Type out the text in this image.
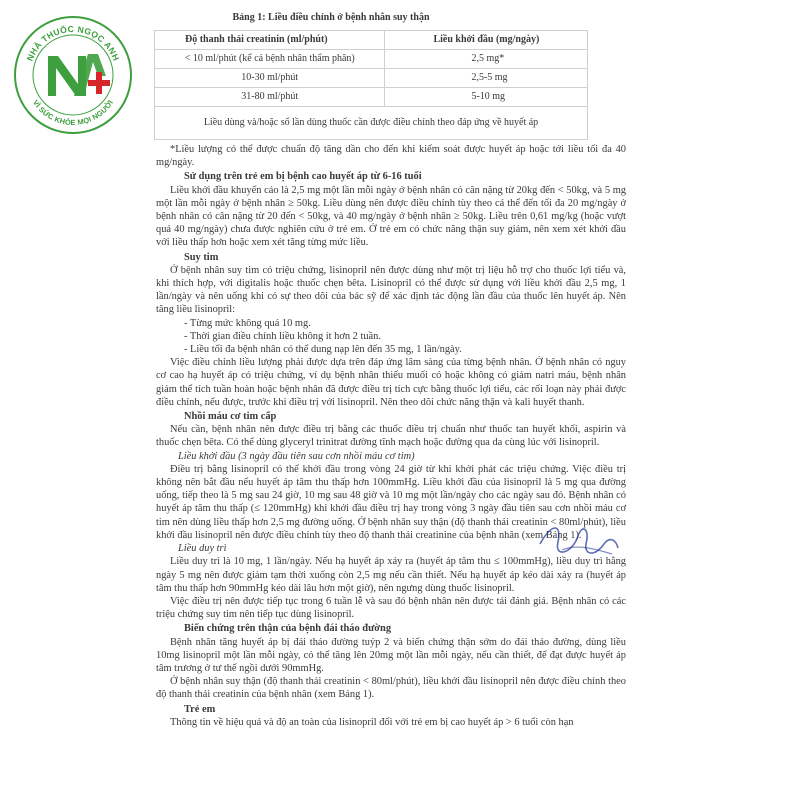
NHÀ THUỐC NGỌC ANH
VÌ SỨC KHỎE MỌI NGƯỜI
Bảng 1: Liều điều chỉnh ở bệnh nhân suy thận	
Độ thanh thải creatinin (ml/phút)	Liều khởi đầu (mg/ngày)
< 10 ml/phút (kể cả bệnh nhân thẩm phân)	2,5 mg*
10-30 ml/phút	2,5-5 mg
31-80 ml/phút	5-10 mg
Liều dùng và/hoặc số lần dùng thuốc cần được điều chỉnh theo đáp ứng về huyết áp	

*Liều lượng có thể được chuẩn độ tăng dần cho đến khi kiểm soát được huyết áp hoặc tới liều tối đa 40 mg/ngày.

Sử dụng trên trẻ em bị bệnh cao huyết áp từ 6-16 tuổi

Liều khởi đầu khuyến cáo là 2,5 mg một lần mỗi ngày ở bệnh nhân có cân nặng từ 20kg đến < 50kg, và 5 mg một lần mỗi ngày ở bệnh nhân ≥ 50kg. Liều dùng nên được điều chỉnh tùy theo cá thể đến tối đa 20 mg/ngày ở bệnh nhân có cân nặng từ 20 đến < 50kg, và 40 mg/ngày ở bệnh nhân ≥ 50kg. Liều trên 0,61 mg/kg (hoặc vượt quá 40 mg/ngày) chưa được nghiên cứu ở trẻ em. Ở trẻ em có chức năng thận suy giảm, nên xem xét khởi đầu với liều thấp hơn hoặc xem xét tăng từng mức liều.

Suy tim

Ở bệnh nhân suy tim có triệu chứng, lisinopril nên được dùng như một trị liệu hỗ trợ cho thuốc lợi tiểu và, khi thích hợp, với digitalis hoặc thuốc chẹn bêta. Lisinopril có thể được sử dụng với liều khởi đầu 2,5 mg, 1 lần/ngày và nên uống khi có sự theo dõi của bác sỹ để xác định tác động lần đầu của thuốc lên huyết áp. Nên tăng liều lisinopril:

- Từng mức không quá 10 mg.

- Thời gian điều chỉnh liều không ít hơn 2 tuần.

- Liều tối đa bệnh nhân có thể dung nạp lên đến 35 mg, 1 lần/ngày.

Việc điều chỉnh liều lượng phải được dựa trên đáp ứng lâm sàng của từng bệnh nhân. Ở bệnh nhân có nguy cơ cao hạ huyết áp có triệu chứng, ví dụ bệnh nhân thiếu muối có hoặc không có giảm natri máu, bệnh nhân giảm thể tích tuần hoàn hoặc bệnh nhân đã được điều trị tích cực bằng thuốc lợi tiểu, các rối loạn này phải được điều chỉnh, nếu được, trước khi điều trị với lisinopril. Nên theo dõi chức năng thận và kali huyết thanh.

Nhồi máu cơ tim cấp

Nếu cần, bệnh nhân nên được điều trị bằng các thuốc điều trị chuẩn như thuốc tan huyết khối, aspirin và thuốc chẹn bêta. Có thể dùng glyceryl trinitrat đường tĩnh mạch hoặc đường qua da cùng lúc với lisinopril.

Liều khởi đầu (3 ngày đầu tiên sau cơn nhồi máu cơ tim)

Điều trị bằng lisinopril có thể khởi đầu trong vòng 24 giờ từ khi khởi phát các triệu chứng. Việc điều trị không nên bắt đầu nếu huyết áp tâm thu thấp hơn 100mmHg. Liều khởi đầu của lisinopril là 5 mg qua đường uống, tiếp theo là 5 mg sau 24 giờ, 10 mg sau 48 giờ và 10 mg một lần/ngày cho các ngày sau đó. Bệnh nhân có huyết áp tâm thu thấp (≤ 120mmHg) khi khởi đầu điều trị hay trong vòng 3 ngày đầu tiên sau cơn nhồi máu cơ tim nên dùng liều thấp hơn 2,5 mg đường uống. Ở bệnh nhân suy thận (độ thanh thải creatinin < 80ml/phút), liều khởi đầu lisinopril nên được điều chỉnh tùy theo độ thanh thải creatinine của bệnh nhân (xem Bảng 1).

Liều duy trì

Liều duy trì là 10 mg, 1 lần/ngày. Nếu hạ huyết áp xảy ra (huyết áp tâm thu ≤ 100mmHg), liều duy trì hằng ngày 5 mg nên được giảm tạm thời xuống còn 2,5 mg nếu cần thiết. Nếu hạ huyết áp kéo dài xảy ra (huyết áp tâm thu thấp hơn 90mmHg kéo dài lâu hơn một giờ), nên ngưng dùng thuốc lisinopril.

Việc điều trị nên được tiếp tục trong 6 tuần lễ và sau đó bệnh nhân nên được tái đánh giá. Bệnh nhân có các triệu chứng suy tim nên tiếp tục dùng lisinopril.

Biến chứng trên thận của bệnh đái tháo đường

Bệnh nhân tăng huyết áp bị đái tháo đường tuýp 2 và biến chứng thận sớm do đái tháo đường, dùng liều 10mg lisinopril một lần mỗi ngày, có thể tăng lên 20mg một lần mỗi ngày, nếu cần thiết, để đạt được huyết áp tâm trương ở tư thế ngồi dưới 90mmHg.

Ở bệnh nhân suy thận (độ thanh thải creatinin < 80ml/phút), liều khởi đầu lisinopril nên được điều chỉnh theo độ thanh thải creatinin của bệnh nhân (xem Bảng 1).

Trẻ em

Thông tin về hiệu quả và độ an toàn của lisinopril đối với trẻ em bị cao huyết áp > 6 tuổi còn hạn
